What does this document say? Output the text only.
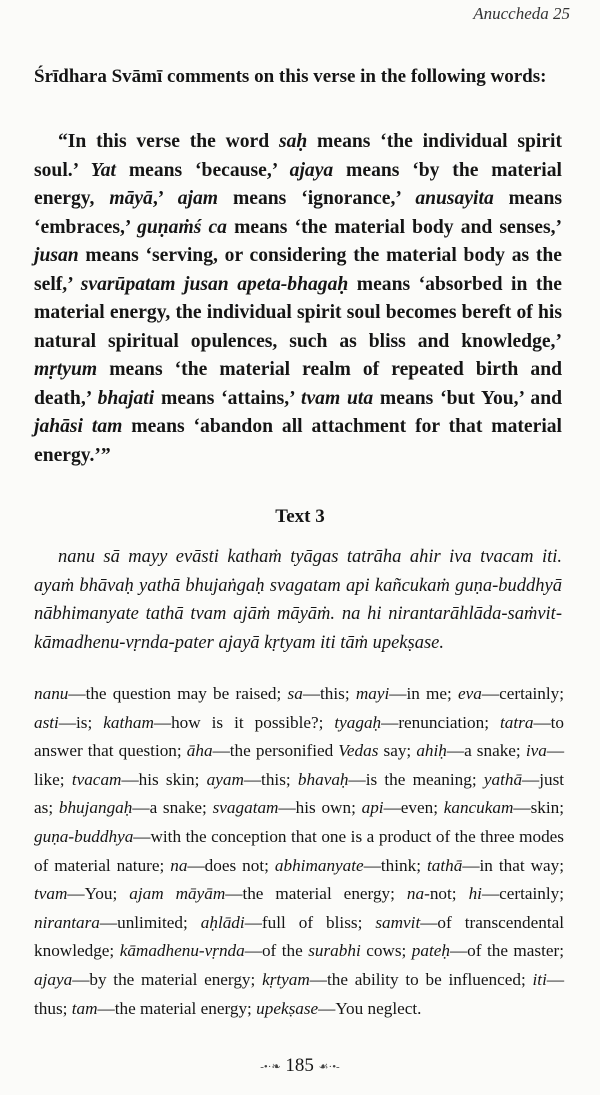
Anuccheda 25

Śrīdhara Svāmī comments on this verse in the following words:

“In this verse the word saḥ means ‘the individual spirit soul.’ Yat means ‘because,’ ajaya means ‘by the material energy, māyā,’ ajam means ‘ignorance,’ anusayita means ‘embraces,’ guṇaṁś ca means ‘the material body and senses,’ jusan means ‘serving, or considering the material body as the self,’ svarūpatam jusan apeta-bhagaḥ means ‘absorbed in the material energy, the individual spirit soul becomes bereft of his natural spiritual opulences, such as bliss and knowledge,’ mṛtyum means ‘the material realm of repeated birth and death,’ bhajati means ‘attains,’ tvam uta means ‘but You,’ and jahāsi tam means ‘abandon all attachment for that material energy.’”

Text 3

nanu sā mayy evāsti kathaṁ tyāgas tatrāha ahir iva tvacam iti. ayaṁ bhāvaḥ yathā bhujaṅgaḥ svagatam api kañcukaṁ guṇa-buddhyā nābhimanyate tathā tvam ajāṁ māyāṁ. na hi nirantarāhlāda-saṁvit-kāmadhenu-vṛnda-pater ajayā kṛtyam iti tāṁ upekṣase.

nanu—the question may be raised; sa—this; mayi—in me; eva—certainly; asti—is; katham—how is it possible?; tyagaḥ—renunciation; tatra—to answer that question; āha—the personified Vedas say; ahiḥ—a snake; iva—like; tvacam—his skin; ayam—this; bhavaḥ—is the meaning; yathā—just as; bhujangaḥ—a snake; svagatam—his own; api—even; kancukam—skin; guṇa-buddhya—with the conception that one is a product of the three modes of material nature; na—does not; abhimanyate—think; tathā—in that way; tvam—You; ajam māyām—the material energy; na-not; hi—certainly; nirantara—unlimited; aḥlādi—full of bliss; samvit—of transcendental knowledge; kāmadhenu-vṛnda—of the surabhi cows; pateḥ—of the master; ajaya—by the material energy; kṛtyam—the ability to be influenced; iti—thus; tam—the material energy; upekṣase—You neglect.

-•·❧ 185 ☙·•-
